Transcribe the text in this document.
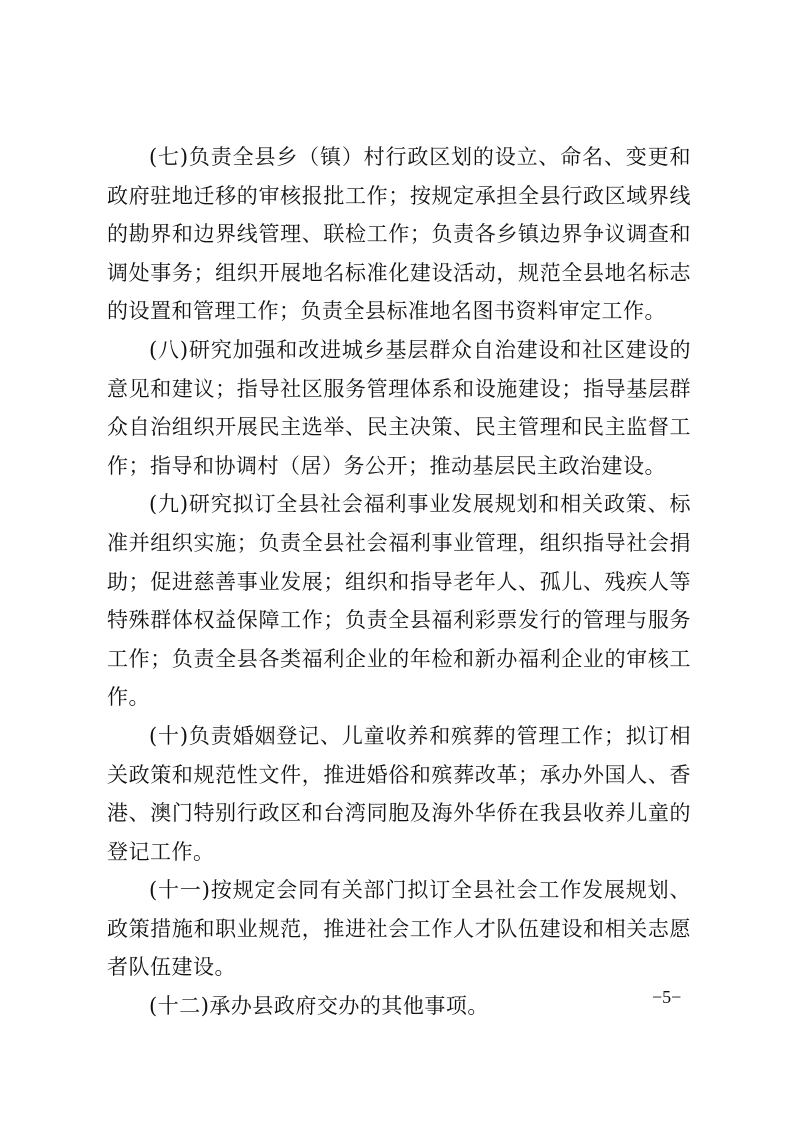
(七)负责全县乡（镇）村行政区划的设立、命名、变更和政府驻地迁移的审核报批工作；按规定承担全县行政区域界线的勘界和边界线管理、联检工作；负责各乡镇边界争议调查和调处事务；组织开展地名标准化建设活动，规范全县地名标志的设置和管理工作；负责全县标准地名图书资料审定工作。

(八)研究加强和改进城乡基层群众自治建设和社区建设的意见和建议；指导社区服务管理体系和设施建设；指导基层群众自治组织开展民主选举、民主决策、民主管理和民主监督工作；指导和协调村（居）务公开；推动基层民主政治建设。

(九)研究拟订全县社会福利事业发展规划和相关政策、标准并组织实施；负责全县社会福利事业管理，组织指导社会捐助；促进慈善事业发展；组织和指导老年人、孤儿、残疾人等特殊群体权益保障工作；负责全县福利彩票发行的管理与服务工作；负责全县各类福利企业的年检和新办福利企业的审核工作。

(十)负责婚姻登记、儿童收养和殡葬的管理工作；拟订相关政策和规范性文件，推进婚俗和殡葬改革；承办外国人、香港、澳门特别行政区和台湾同胞及海外华侨在我县收养儿童的登记工作。

(十一)按规定会同有关部门拟订全县社会工作发展规划、政策措施和职业规范，推进社会工作人才队伍建设和相关志愿者队伍建设。

(十二)承办县政府交办的其他事项。	−5−
